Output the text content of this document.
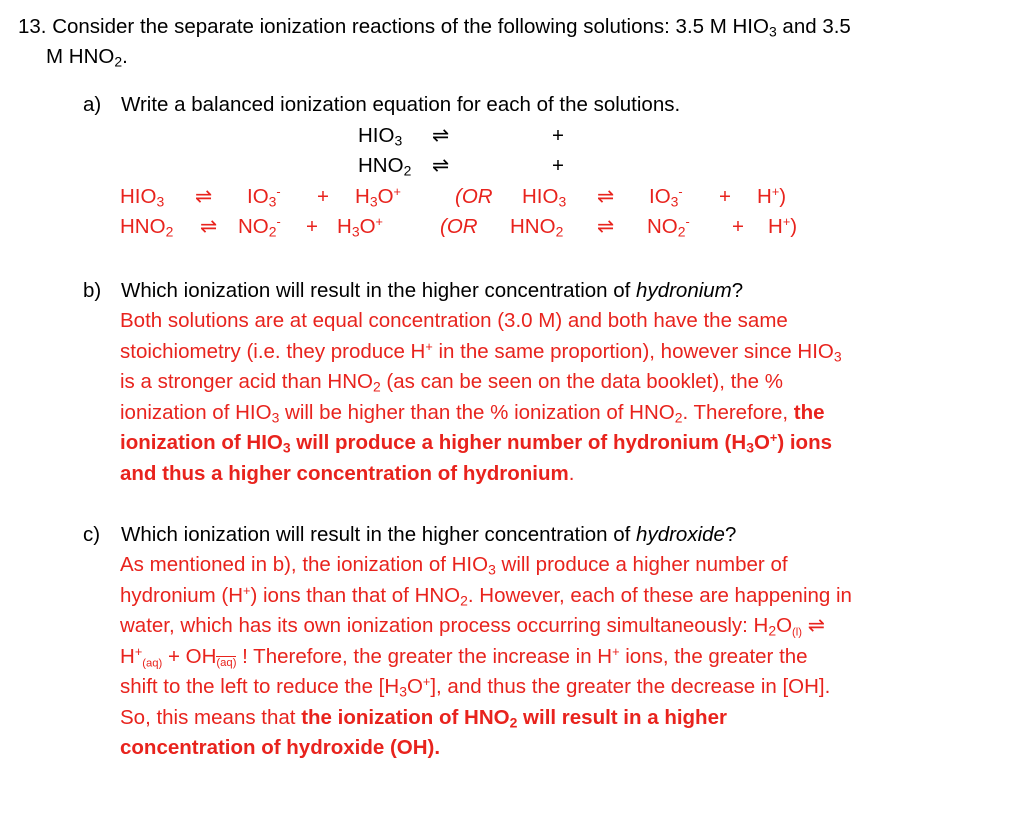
13. Consider the separate ionization reactions of the following solutions: 3.5 M $HIO_3$ and 3.5
M $HNO_2$.
a) Write a balanced ionization equation for each of the solutions.
$HIO_3$ ⇌	+
$HNO_2$ ⇌	+
$HIO_3$ ⇌ $IO_3^- + H_3O^+$	(OR $HIO_3$ ⇌ $IO_3^- + H^+$)
$HNO_2$ ⇌ $NO_2^- + H_3O^+$	(OR $HNO_2$ ⇌ $NO_2^- + H^+$)
b) Which ionization will result in the higher concentration of hydronium?
Both solutions are at equal concentration (3.0 M) and both have the same
stoichiometry (i.e. they produce H+ in the same proportion), however since $HIO_3$
is a stronger acid than $HNO_2$ (as can be seen on the data booklet), the %
ionization of $HIO_3$ will be higher than the % ionization of $HNO_2$. Therefore, the
ionization of $HIO_3$ will produce a higher number of hydronium $(H_3O^+)$ ions
and thus a higher concentration of hydronium.
c) Which ionization will result in the higher concentration of hydroxide?
As mentioned in b), the ionization of $HIO_3$ will produce a higher number of
hydronium (H+) ions than that of $HNO_2$. However, each of these are happening in
water, which has its own ionization process occurring simultaneously: $H_2O(l)$ ⇌
H+(aq) + OH(aq) ! Therefore, the greater the increase in H+ ions, the greater the
shift to the left to reduce the $[H_3O^+]$, and thus the greater the decrease in [OH].
So, this means that the ionization of $HNO_2$ will result in a higher
concentration of hydroxide (OH).
